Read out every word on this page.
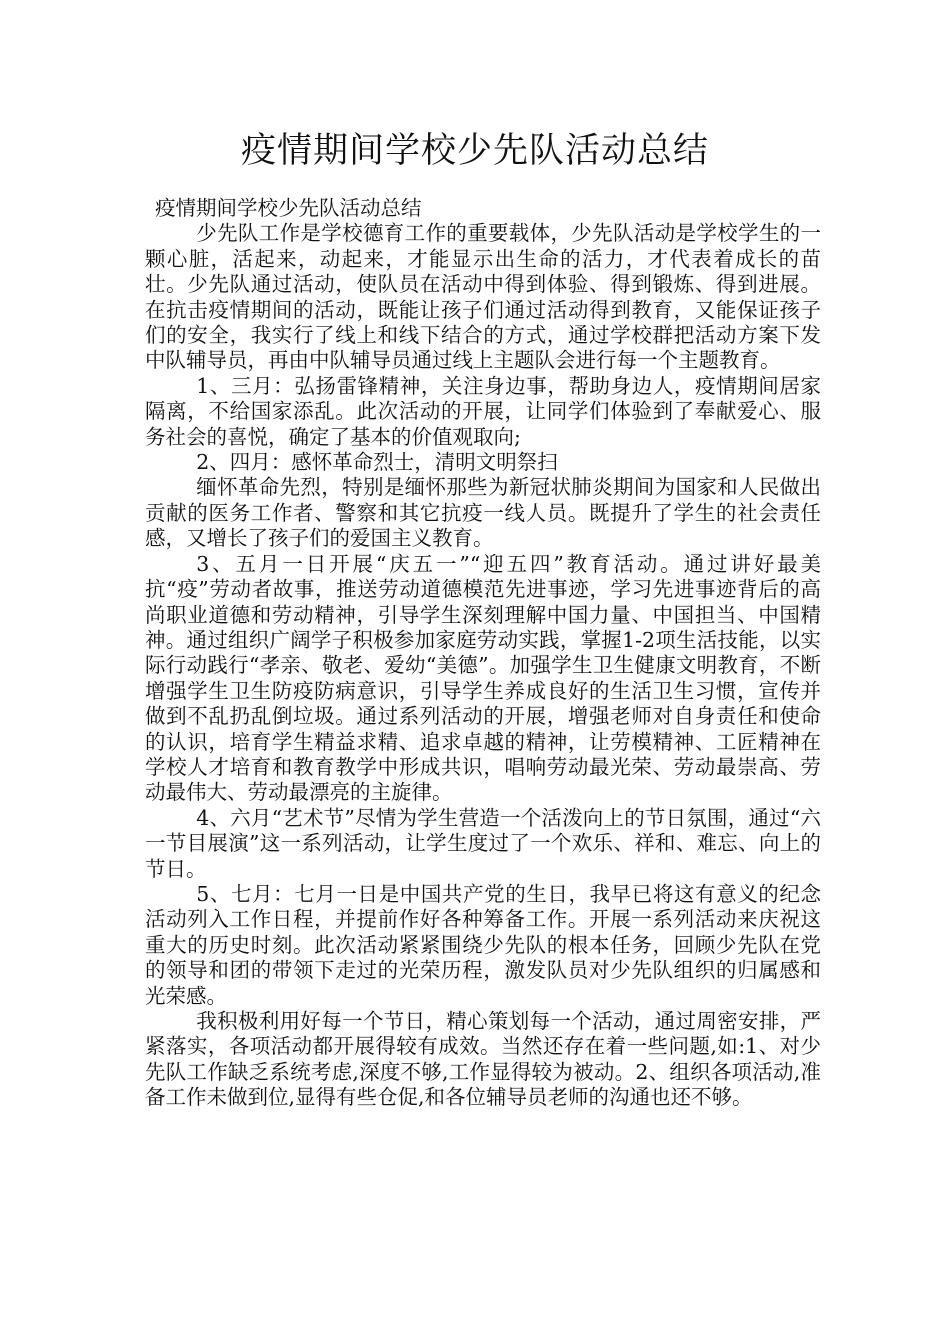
疫情期间学校少先队活动总结

疫情期间学校少先队活动总结

少先队工作是学校德育工作的重要载体，少先队活动是学校学生的一颗心脏，活起来，动起来，才能显示出生命的活力，才代表着成长的苗壮。少先队通过活动，使队员在活动中得到体验、得到锻炼、得到进展。在抗击疫情期间的活动，既能让孩子们通过活动得到教育，又能保证孩子们的安全，我实行了线上和线下结合的方式，通过学校群把活动方案下发中队辅导员，再由中队辅导员通过线上主题队会进行每一个主题教育。

1、三月：弘扬雷锋精神，关注身边事，帮助身边人，疫情期间居家隔离，不给国家添乱。此次活动的开展，让同学们体验到了奉献爱心、服务社会的喜悦，确定了基本的价值观取向;

2、四月：感怀革命烈士，清明文明祭扫

缅怀革命先烈，特别是缅怀那些为新冠状肺炎期间为国家和人民做出贡献的医务工作者、警察和其它抗疫一线人员。既提升了学生的社会责任感，又增长了孩子们的爱国主义教育。

3、五月一日开展“庆五一”“迎五四”教育活动。通过讲好最美抗“疫”劳动者故事，推送劳动道德模范先进事迹，学习先进事迹背后的高尚职业道德和劳动精神，引导学生深刻理解中国力量、中国担当、中国精神。通过组织广阔学子积极参加家庭劳动实践，掌握1-2项生活技能，以实际行动践行“孝亲、敬老、爱幼“美德”。加强学生卫生健康文明教育，不断增强学生卫生防疫防病意识，引导学生养成良好的生活卫生习惯，宣传并做到不乱扔乱倒垃圾。通过系列活动的开展，增强老师对自身责任和使命的认识，培育学生精益求精、追求卓越的精神，让劳模精神、工匠精神在学校人才培育和教育教学中形成共识，唱响劳动最光荣、劳动最崇高、劳动最伟大、劳动最漂亮的主旋律。

4、六月“艺术节”尽情为学生营造一个活泼向上的节日氛围，通过“六一节目展演”这一系列活动，让学生度过了一个欢乐、祥和、难忘、向上的节日。

5、七月：七月一日是中国共产党的生日，我早已将这有意义的纪念活动列入工作日程，并提前作好各种筹备工作。开展一系列活动来庆祝这重大的历史时刻。此次活动紧紧围绕少先队的根本任务，回顾少先队在党的领导和团的带领下走过的光荣历程，激发队员对少先队组织的归属感和光荣感。

我积极利用好每一个节日，精心策划每一个活动，通过周密安排，严紧落实，各项活动都开展得较有成效。当然还存在着一些问题,如:1、对少先队工作缺乏系统考虑,深度不够,工作显得较为被动。2、组织各项活动,准备工作未做到位,显得有些仓促,和各位辅导员老师的沟通也还不够。
